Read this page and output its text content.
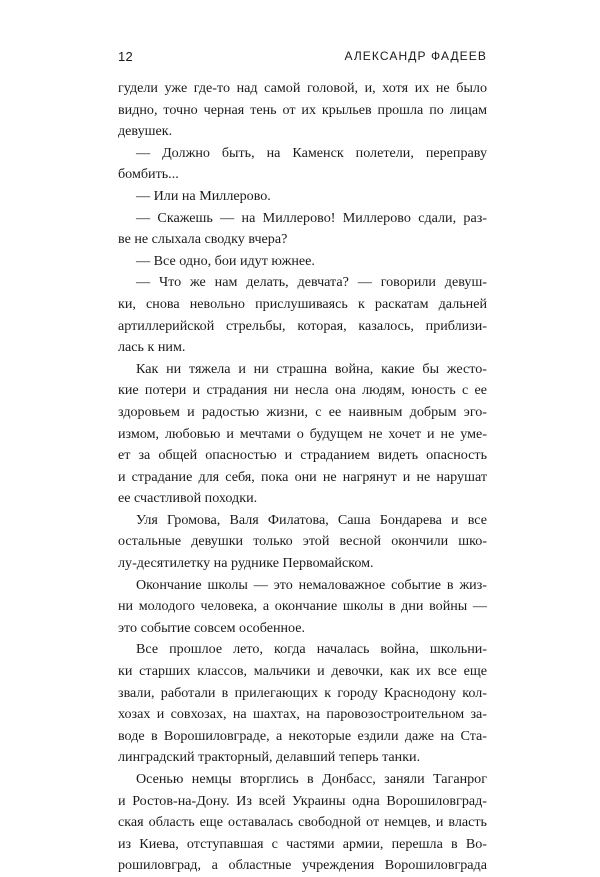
12	АЛЕКСАНДР ФАДЕЕВ
гудели уже где-то над самой головой, и, хотя их не было
видно, точно черная тень от их крыльев прошла по лицам
девушек.
— Должно быть, на Каменск полетели, переправу
бомбить...
— Или на Миллерово.
— Скажешь — на Миллерово! Миллерово сдали, раз-
ве не слыхала сводку вчера?
— Все одно, бои идут южнее.
— Что же нам делать, девчата? — говорили девуш-
ки, снова невольно прислушиваясь к раскатам дальней
артиллерийской стрельбы, которая, казалось, приблизи-
лась к ним.
Как ни тяжела и ни страшна война, какие бы жесто-
кие потери и страдания ни несла она людям, юность с ее
здоровьем и радостью жизни, с ее наивным добрым эго-
измом, любовью и мечтами о будущем не хочет и не уме-
ет за общей опасностью и страданием видеть опасность
и страдание для себя, пока они не нагрянут и не нарушат
ее счастливой походки.
Уля Громова, Валя Филатова, Саша Бондарева и все
остальные девушки только этой весной окончили шко-
лу-десятилетку на руднике Первомайском.
Окончание школы — это немаловажное событие в жиз-
ни молодого человека, а окончание школы в дни войны —
это событие совсем особенное.
Все прошлое лето, когда началась война, школьни-
ки старших классов, мальчики и девочки, как их все еще
звали, работали в прилегающих к городу Краснодону кол-
хозах и совхозах, на шахтах, на паровозостроительном за-
воде в Ворошиловграде, а некоторые ездили даже на Ста-
линградский тракторный, делавший теперь танки.
Осенью немцы вторглись в Донбасс, заняли Таганрог
и Ростов-на-Дону. Из всей Украины одна Ворошиловград-
ская область еще оставалась свободной от немцев, и власть
из Киева, отступавшая с частями армии, перешла в Во-
рошиловград, а областные учреждения Ворошиловграда
